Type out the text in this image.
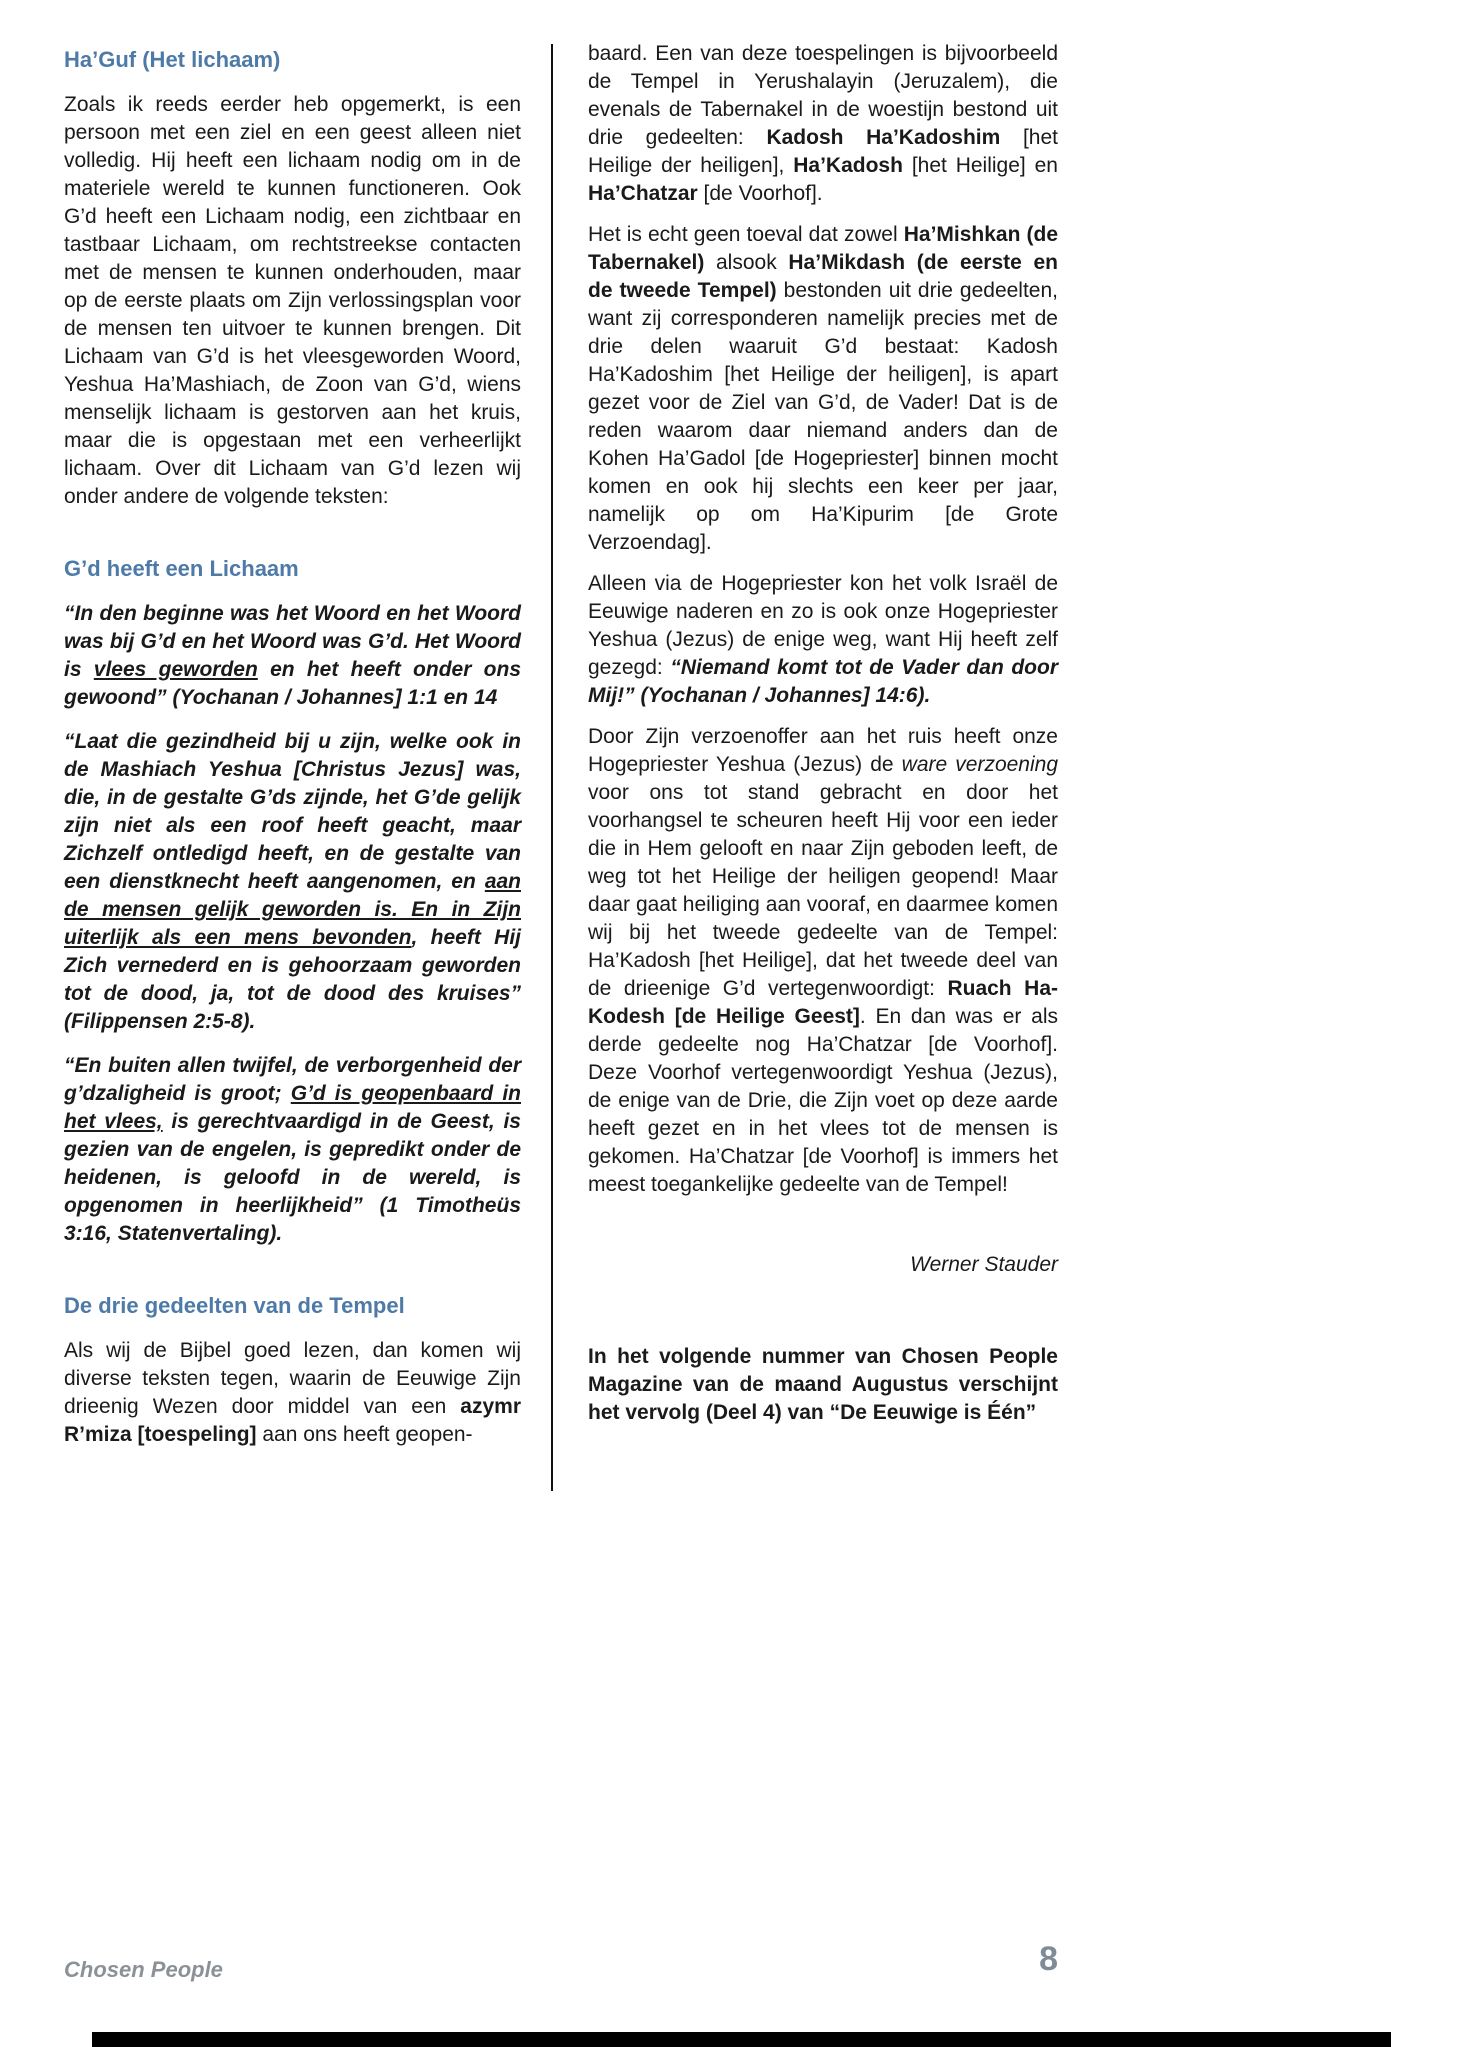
Ha’Guf (Het lichaam)

Zoals ik reeds eerder heb opgemerkt, is een persoon met een ziel en een geest alleen niet volledig. Hij heeft een lichaam nodig om in de materiele wereld te kunnen functioneren. Ook G’d heeft een Lichaam nodig, een zichtbaar en tastbaar Lichaam, om rechtstreekse contacten met de mensen te kunnen onderhouden, maar op de eerste plaats om Zijn verlossingsplan voor de mensen ten uitvoer te kunnen brengen. Dit Lichaam van G’d is het vleesgeworden Woord, Yeshua Ha’Mashiach, de Zoon van G’d, wiens menselijk lichaam is gestorven aan het kruis, maar die is opgestaan met een verheerlijkt lichaam. Over dit Lichaam van G’d lezen wij onder andere de volgende teksten:

G’d heeft een Lichaam

“In den beginne was het Woord en het Woord was bij G’d en het Woord was G’d. Het Woord is vlees geworden en het heeft onder ons gewoond” (Yochanan / Johannes] 1:1 en 14

“Laat die gezindheid bij u zijn, welke ook in de Mashiach Yeshua [Christus Jezus] was, die, in de gestalte G’ds zijnde, het G’de gelijk zijn niet als een roof heeft geacht, maar Zichzelf ontledigd heeft, en de gestalte van een dienstknecht heeft aangenomen, en aan de mensen gelijk geworden is. En in Zijn uiterlijk als een mens bevonden, heeft Hij Zich vernederd en is gehoorzaam geworden tot de dood, ja, tot de dood des kruises” (Filippensen 2:5-8).

“En buiten allen twijfel, de verborgenheid der g’dzaligheid is groot; G’d is geopenbaard in het vlees, is gerechtvaardigd in de Geest, is gezien van de engelen, is gepredikt onder de heidenen, is geloofd in de wereld, is opgenomen in heerlijkheid” (1 Timotheüs 3:16, Statenvertaling).

De drie gedeelten van de Tempel

Als wij de Bijbel goed lezen, dan komen wij diverse teksten tegen, waarin de Eeuwige Zijn drieenig Wezen door middel van een azymr R’miza [toespeling] aan ons heeft geopen-

baard. Een van deze toespelingen is bijvoorbeeld de Tempel in Yerushalayin (Jeruzalem), die evenals de Tabernakel in de woestijn bestond uit drie gedeelten: Kadosh Ha’Kadoshim [het Heilige der heiligen], Ha’Kadosh [het Heilige] en Ha’Chatzar [de Voorhof].

Het is echt geen toeval dat zowel Ha’Mishkan (de Tabernakel) alsook Ha’Mikdash (de eerste en de tweede Tempel) bestonden uit drie gedeelten, want zij corresponderen namelijk precies met de drie delen waaruit G’d bestaat: Kadosh Ha’Kadoshim [het Heilige der heiligen], is apart gezet voor de Ziel van G’d, de Vader! Dat is de reden waarom daar niemand anders dan de Kohen Ha’Gadol [de Hogepriester] binnen mocht komen en ook hij slechts een keer per jaar, namelijk op om Ha’Kipurim [de Grote Verzoendag].

Alleen via de Hogepriester kon het volk Israël de Eeuwige naderen en zo is ook onze Hogepriester Yeshua (Jezus) de enige weg, want Hij heeft zelf gezegd: “Niemand komt tot de Vader dan door Mij!” (Yochanan / Johannes] 14:6).

Door Zijn verzoenoffer aan het ruis heeft onze Hogepriester Yeshua (Jezus) de ware verzoening voor ons tot stand gebracht en door het voorhangsel te scheuren heeft Hij voor een ieder die in Hem gelooft en naar Zijn geboden leeft, de weg tot het Heilige der heiligen geopend! Maar daar gaat heiliging aan vooraf, en daarmee komen wij bij het tweede gedeelte van de Tempel: Ha’Kadosh [het Heilige], dat het tweede deel van de drieenige G’d vertegenwoordigt: Ruach Ha-Kodesh [de Heilige Geest]. En dan was er als derde gedeelte nog Ha’Chatzar [de Voorhof]. Deze Voorhof vertegenwoordigt Yeshua (Jezus), de enige van de Drie, die Zijn voet op deze aarde heeft gezet en in het vlees tot de mensen is gekomen. Ha’Chatzar [de Voorhof] is immers het meest toegankelijke gedeelte van de Tempel!

Werner Stauder

In het volgende nummer van Chosen People Magazine van de maand Augustus verschijnt het vervolg (Deel 4) van “De Eeuwige is Één”

Chosen People	8
